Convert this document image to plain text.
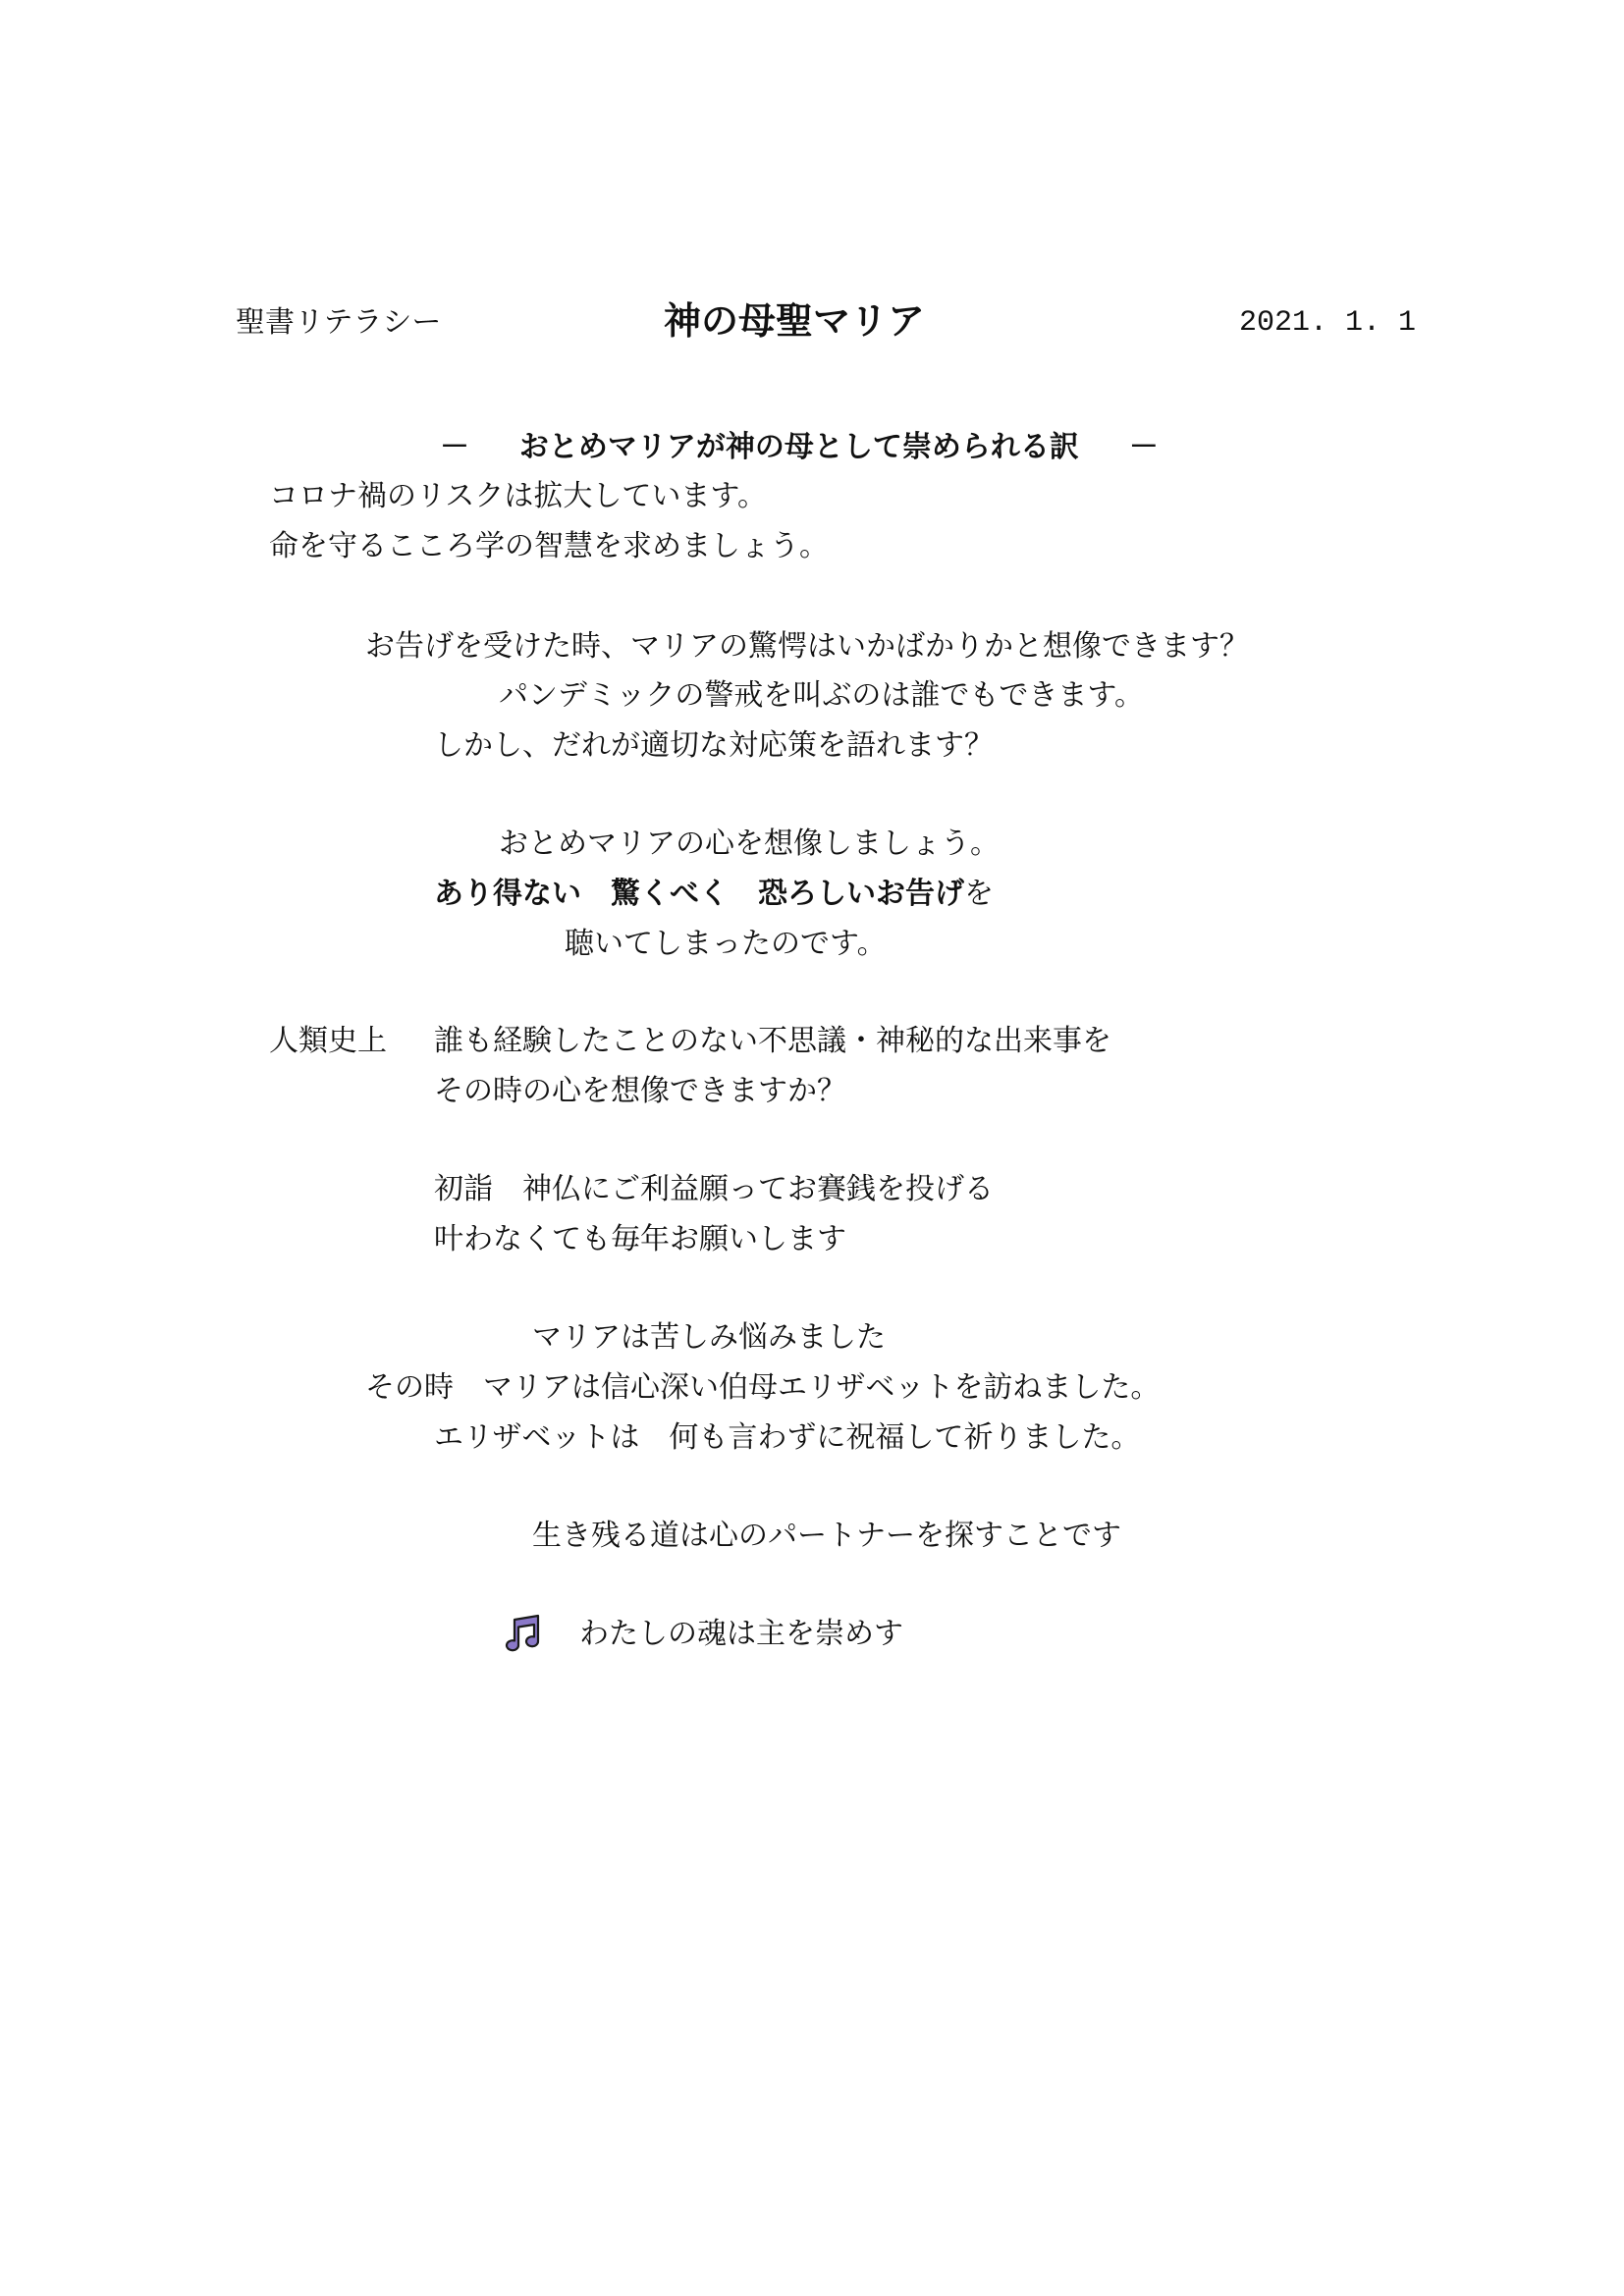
聖書リテラシー	神の母聖マリア	2021. 1. 1
－ おとめマリアが神の母として崇められる訳 －
コロナ禍のリスクは拡大しています。
命を守るこころ学の智慧を求めましょう。
お告げを受けた時、マリアの驚愕はいかばかりかと想像できます？
パンデミックの警戒を叫ぶのは誰でもできます。
しかし、だれが適切な対応策を語れます？
おとめマリアの心を想像しましょう。
あり得ない　驚くべく　恐ろしいお告げを
聴いてしまったのです。
人類史上 誰も経験したことのない不思議・神秘的な出来事を
その時の心を想像できますか？
初詣　神仏にご利益願ってお賽銭を投げる
叶わなくても毎年お願いします
マリアは苦しみ悩みました
その時　マリアは信心深い伯母エリザベットを訪ねました。
エリザベットは　何も言わずに祝福して祈りました。
生き残る道は心のパートナーを探すことです
わたしの魂は主を崇めす
